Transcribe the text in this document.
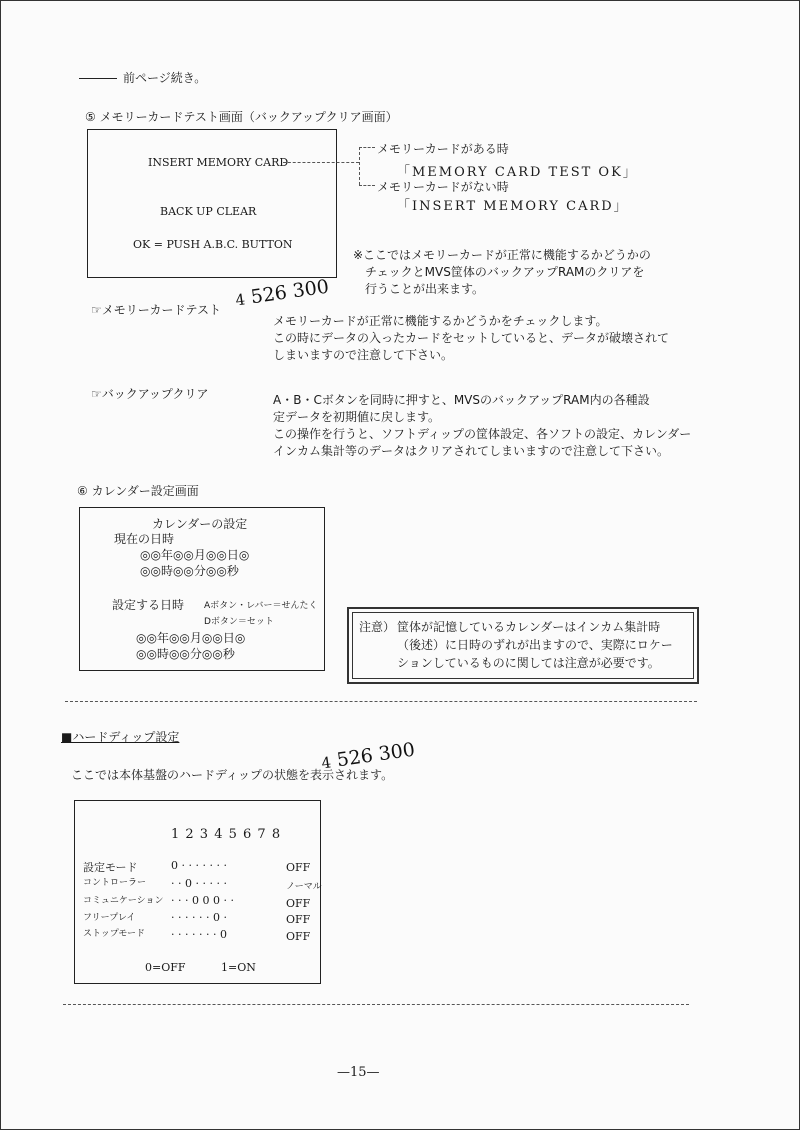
前ページ続き。
⑤ メモリーカードテスト画面（バックアップクリア画面）
INSERT MEMORY CARD
BACK UP CLEAR
OK = PUSH A.B.C. BUTTON
メモリーカードがある時
「MEMORY CARD TEST OK」
メモリーカードがない時
「INSERT MEMORY CARD」
※ここではメモリーカードが正常に機能するかどうかの
チェックとMVS筐体のバックアップRAMのクリアを
行うことが出来ます。
4 526 300
☞メモリーカードテスト
メモリーカードが正常に機能するかどうかをチェックします。
この時にデータの入ったカードをセットしていると、データが破壊されて
しまいますので注意して下さい。
☞バックアップクリア	A・B・Cボタンを同時に押すと、MVSのバックアップRAM内の各種設
定データを初期値に戻します。
この操作を行うと、ソフトディップの筐体設定、各ソフトの設定、カレンダー
インカム集計等のデータはクリアされてしまいますので注意して下さい。
⑥ カレンダー設定画面
カレンダーの設定
現在の日時
◎◎年◎◎月◎◎日◎
◎◎時◎◎分◎◎秒
設定する日時 Aボタン・レバー＝せんたく
Dボタン＝セット
◎◎年◎◎月◎◎日◎
◎◎時◎◎分◎◎秒
注意） 筐体が記憶しているカレンダーはインカム集計時
（後述）に日時のずれが出ますので、実際にロケー
ションしているものに関しては注意が必要です。
■ハードディップ設定
4 526 300
ここでは本体基盤のハードディップの状態を表示されます。
1 2 3 4 5 6 7 8
設定モード	0 · · · · · · ·	OFF
コントローラー · · 0 · · · · ·	ノーマル
コミュニケーション · · · 0 0 0 · ·	OFF
フリープレイ	· · · · · · 0 ·	OFF
ストップモード · · · · · · · 0	OFF
0=OFF	1=ON
—15—
